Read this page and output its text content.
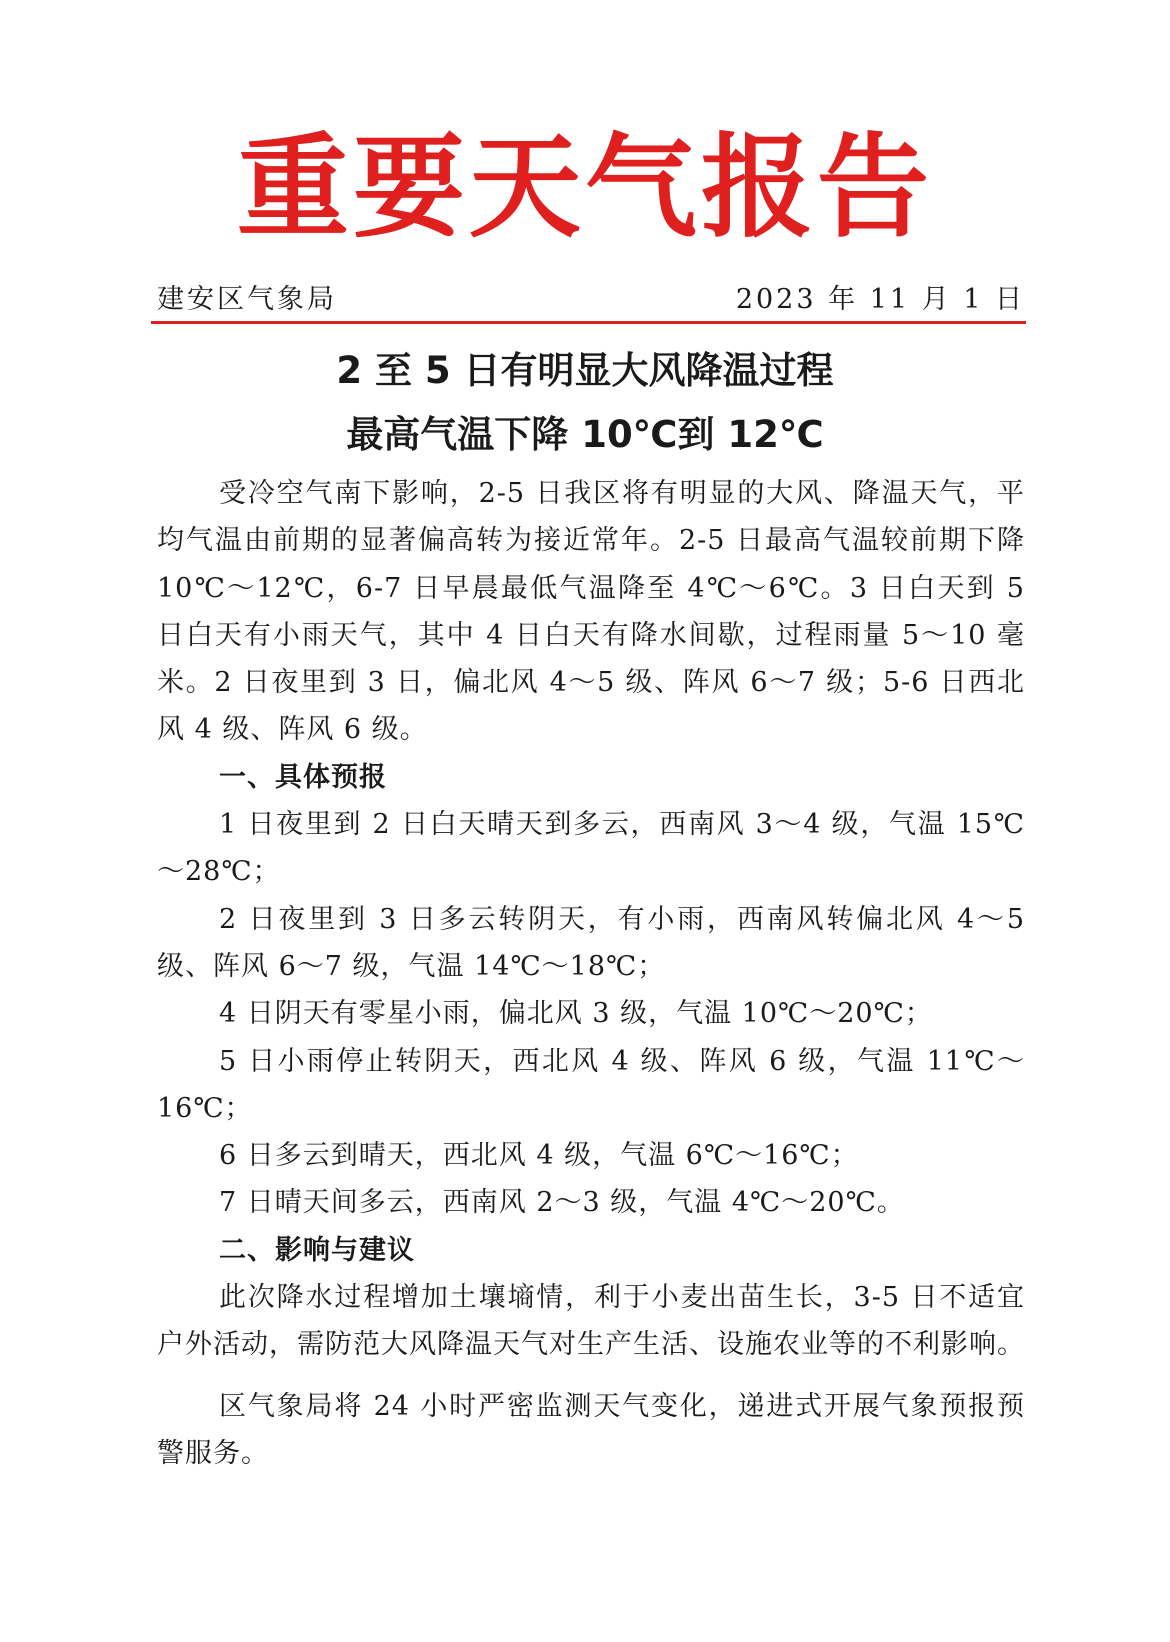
重要天气报告
建安区气象局	2023 年 11 月 1 日
2 至 5 日有明显大风降温过程
最高气温下降 10℃到 12℃

受冷空气南下影响，2-5 日我区将有明显的大风、降温天气，平均气温由前期的显著偏高转为接近常年。2-5 日最高气温较前期下降 10℃～12℃，6-7 日早晨最低气温降至 4℃～6℃。3 日白天到 5 日白天有小雨天气，其中 4 日白天有降水间歇，过程雨量 5～10 毫米。2 日夜里到 3 日，偏北风 4～5 级、阵风 6～7 级；5-6 日西北风 4 级、阵风 6 级。

一、具体预报

1 日夜里到 2 日白天晴天到多云，西南风 3～4 级，气温 15℃～28℃；

2 日夜里到 3 日多云转阴天，有小雨，西南风转偏北风 4～5 级、阵风 6～7 级，气温 14℃～18℃；

4 日阴天有零星小雨，偏北风 3 级，气温 10℃～20℃；

5 日小雨停止转阴天，西北风 4 级、阵风 6 级，气温 11℃～16℃；

6 日多云到晴天，西北风 4 级，气温 6℃～16℃；

7 日晴天间多云，西南风 2～3 级，气温 4℃～20℃。

二、影响与建议

此次降水过程增加土壤墒情，利于小麦出苗生长，3-5 日不适宜户外活动，需防范大风降温天气对生产生活、设施农业等的不利影响。

区气象局将 24 小时严密监测天气变化，递进式开展气象预报预警服务。
